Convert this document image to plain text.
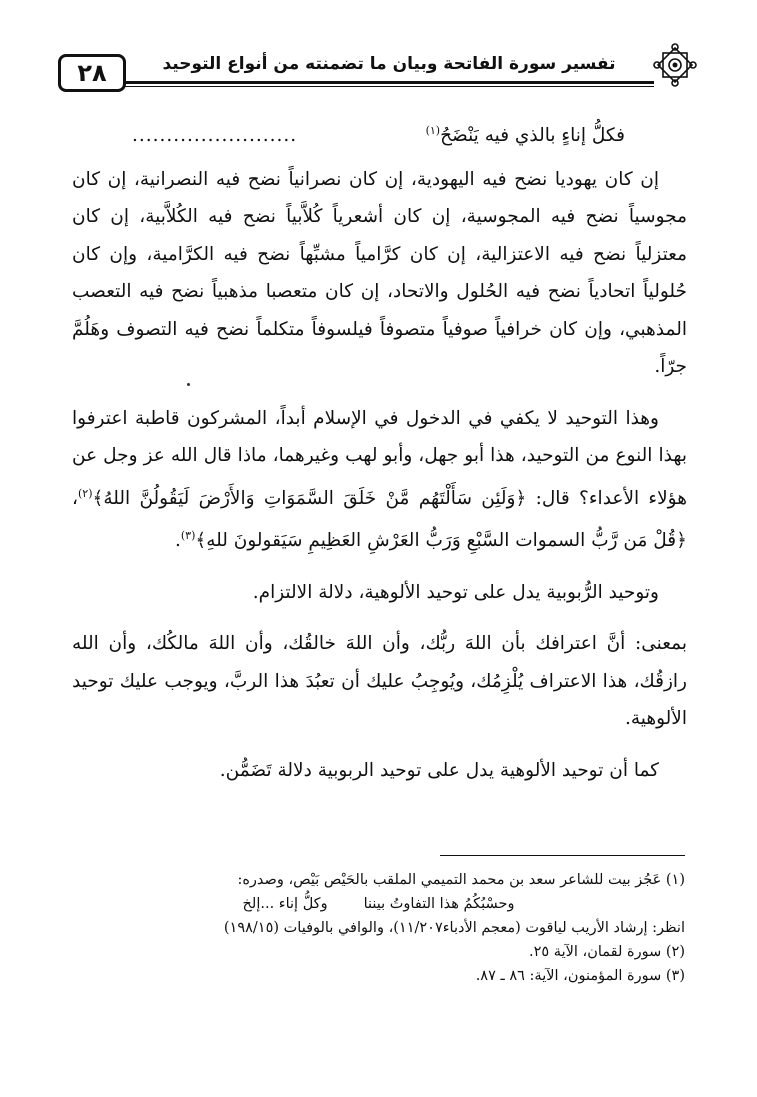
٢٨	تفسير سورة الفاتحة وبيان ما تضمنته من أنواع التوحيد

فكلُّ إناءٍ بالذي فيه يَنْضَحُ$^{(١)}$
........................

إن كان يهوديا نضح فيه اليهودية، إن كان نصرانياً نضح فيه النصرانية، إن كان مجوسياً نضح فيه المجوسية، إن كان أشعرياً كُلاَّبياً نضح فيه الكُلاَّبية، إن كان معتزلياً نضح فيه الاعتزالية، إن كان كرَّامياً مشبِّهاً نضح فيه الكرَّامية، وإن كان حُلولياً اتحادياً نضح فيه الحُلول والاتحاد، إن كان متعصبا مذهبياً نضح فيه التعصب المذهبي، وإن كان خرافياً صوفياً متصوفاً فيلسوفاً متكلماً نضح فيه التصوف وهَلُمَّ جرّاً.

وهذا التوحيد لا يكفي في الدخول في الإسلام أبداً، المشركون قاطبة اعترفوا بهذا النوع من التوحيد، هذا أبو جهل، وأبو لهب وغيرهما، ماذا قال الله عز وجل عن هؤلاء الأعداء؟ قال: ﴿وَلَئِن سَأَلْتَهُم مَّنْ خَلَقَ السَّمَوَاتِ وَالأَرْضَ لَيَقُولُنَّ اللهُ﴾$^{(٢)}$، ﴿قُلْ مَن رَّبُّ السموات السَّبْعِ وَرَبُّ العَرْشِ العَظِيمِ سَيَقولونَ للهِ﴾$^{(٣)}$.

وتوحيد الرُّبوبية يدل على توحيد الألوهية، دلالة الالتزام.

بمعنى: أنَّ اعترافك بأن اللهَ ربُّك، وأن اللهَ خالقُك، وأن اللهَ مالكُك، وأن الله رازقُك، هذا الاعتراف يُلْزِمُك، ويُوجِبُ عليك أن تعبُدَ هذا الربَّ، ويوجب عليك توحيد الألوهية.

كما أن توحيد الألوهية يدل على توحيد الربوبية دلالة تَضَمُّن.

(١) عَجُز بيت للشاعر سعد بن محمد التميمي الملقب بالحَيْص بَيْص، وصدره:

وحسْبُكُمُ هذا التفاوتُ بيننا
وكلُّ إناء ...إلخ

انظر: إرشاد الأريب لياقوت (معجم الأدباء١١/٢٠٧)، والوافي بالوفيات (١٩٨/١٥)

(٢) سورة لقمان، الآية ٢٥.

(٣) سورة المؤمنون، الآية: ٨٦ ـ ٨٧.
